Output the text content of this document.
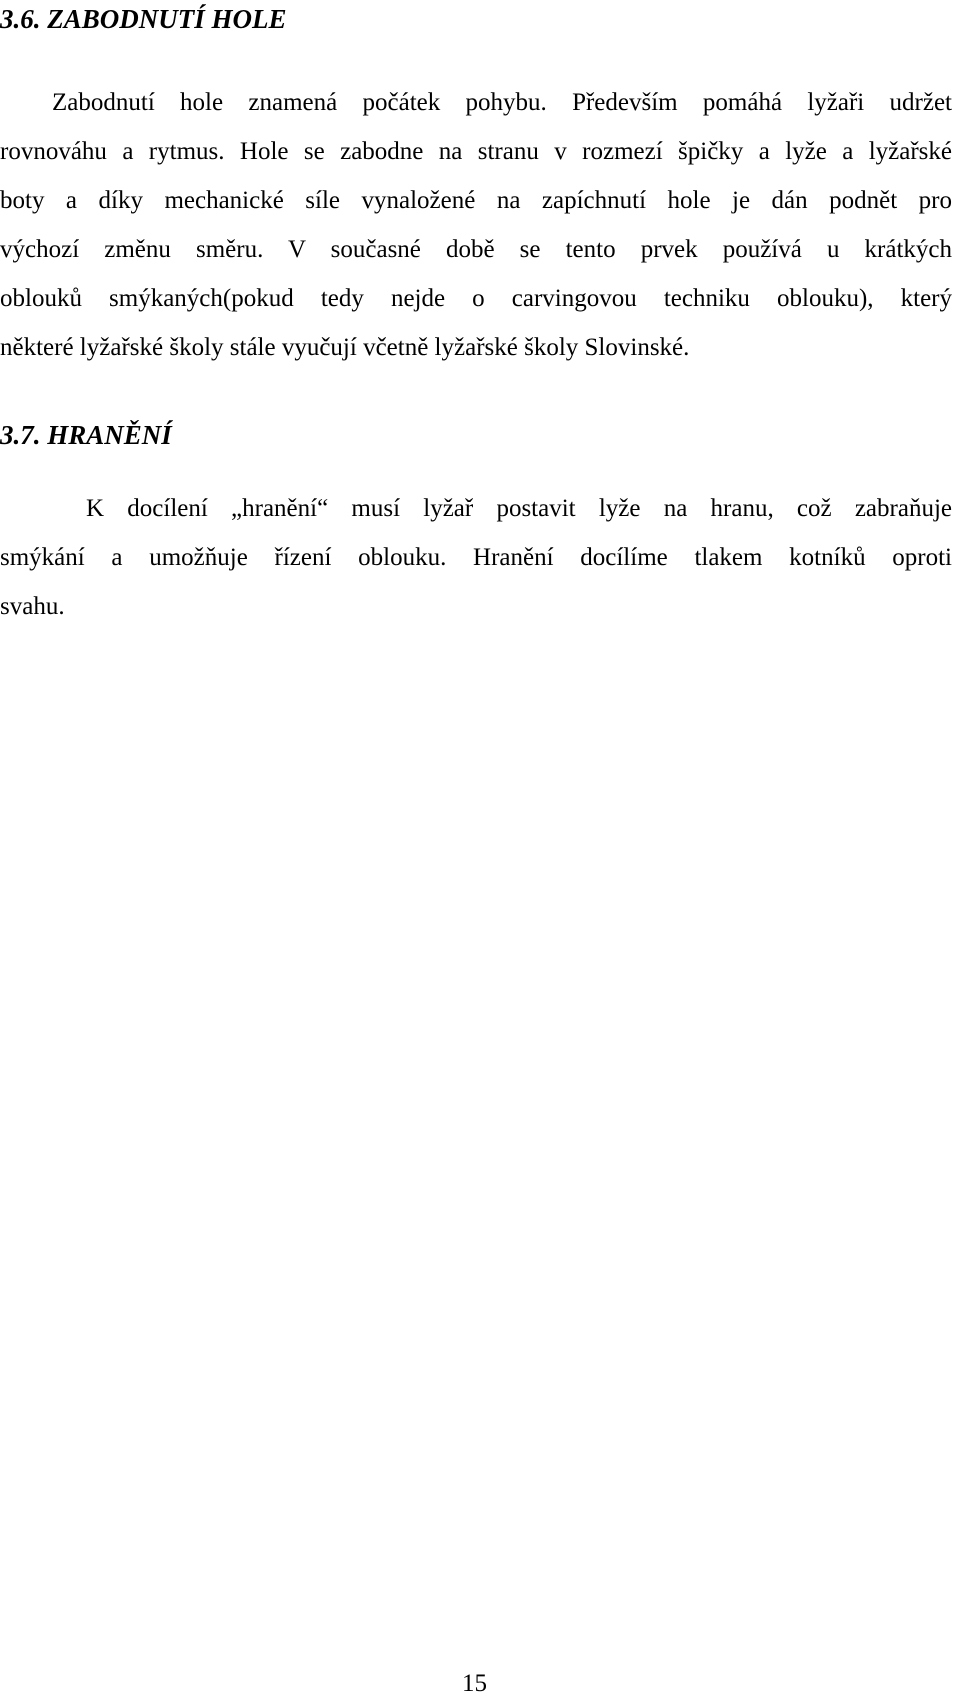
3.6. ZABODNUTÍ HOLE
Zabodnutí hole znamená počátek pohybu. Především pomáhá lyžaři udržet
rovnováhu a rytmus. Hole se zabodne na stranu v rozmezí špičky a lyže a lyžařské
boty a díky mechanické síle vynaložené na zapíchnutí hole je dán podnět pro
výchozí změnu směru. V současné době se tento prvek používá u krátkých
oblouků smýkaných(pokud tedy nejde o carvingovou techniku oblouku), který
některé lyžařské školy stále vyučují včetně lyžařské školy Slovinské.
3.7. HRANĚNÍ
K docílení „hranění“ musí lyžař postavit lyže na hranu, což zabraňuje
smýkání a umožňuje řízení oblouku. Hranění docílíme tlakem kotníků oproti
svahu.

15
